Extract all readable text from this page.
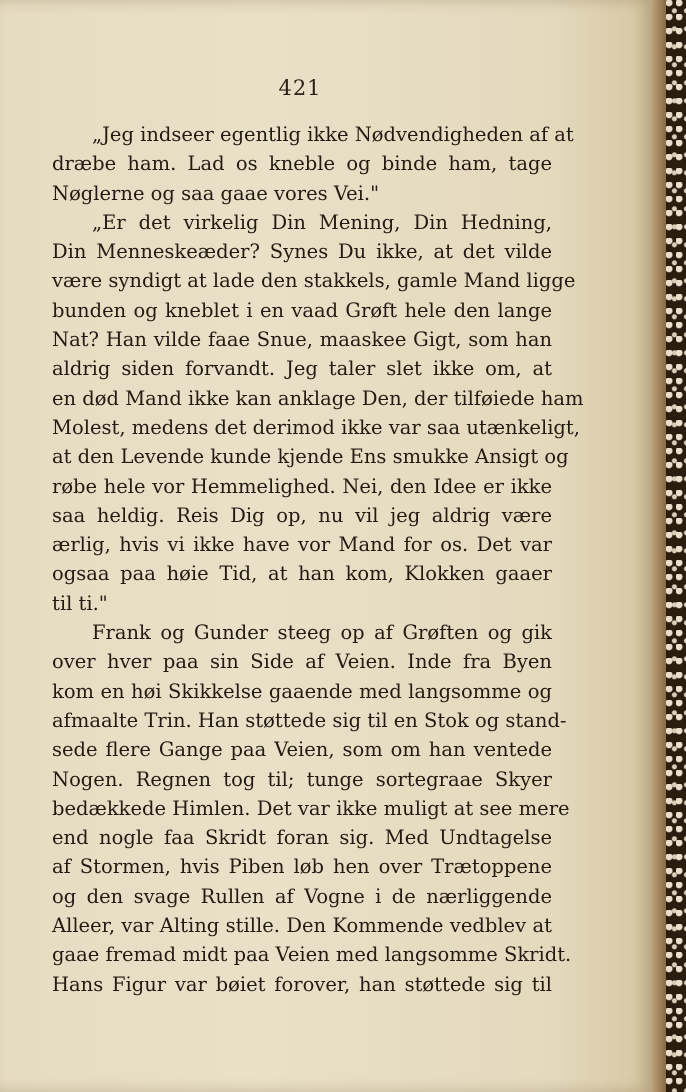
421
„Jeg indseer egentlig ikke Nødvendigheden af at
dræbe ham. Lad os kneble og binde ham, tage
Nøglerne og saa gaae vores Vei."
„Er det virkelig Din Mening, Din Hedning,
Din Menneskeæder? Synes Du ikke, at det vilde
være syndigt at lade den stakkels, gamle Mand ligge
bunden og kneblet i en vaad Grøft hele den lange
Nat? Han vilde faae Snue, maaskee Gigt, som han
aldrig siden forvandt. Jeg taler slet ikke om, at
en død Mand ikke kan anklage Den, der tilføiede ham
Molest, medens det derimod ikke var saa utænkeligt,
at den Levende kunde kjende Ens smukke Ansigt og
røbe hele vor Hemmelighed. Nei, den Idee er ikke
saa heldig. Reis Dig op, nu vil jeg aldrig være
ærlig, hvis vi ikke have vor Mand for os. Det var
ogsaa paa høie Tid, at han kom, Klokken gaaer
til ti."
Frank og Gunder steeg op af Grøften og gik
over hver paa sin Side af Veien. Inde fra Byen
kom en høi Skikkelse gaaende med langsomme og
afmaalte Trin. Han støttede sig til en Stok og stand-
sede flere Gange paa Veien, som om han ventede
Nogen. Regnen tog til; tunge sortegraae Skyer
bedækkede Himlen. Det var ikke muligt at see mere
end nogle faa Skridt foran sig. Med Undtagelse
af Stormen, hvis Piben løb hen over Trætoppene
og den svage Rullen af Vogne i de nærliggende
Alleer, var Alting stille. Den Kommende vedblev at
gaae fremad midt paa Veien med langsomme Skridt.
Hans Figur var bøiet forover, han støttede sig til
